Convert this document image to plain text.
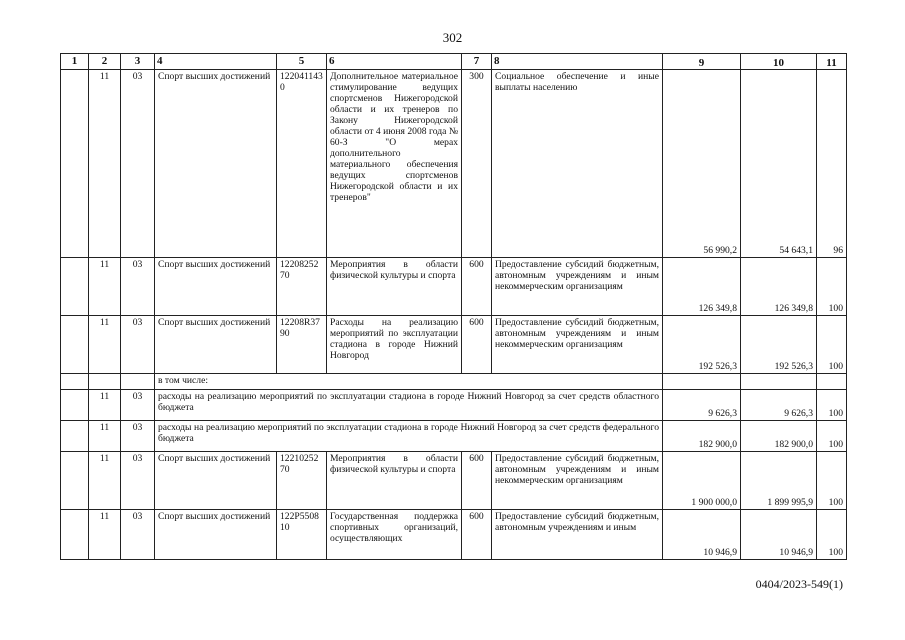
302
1	2	3	4	5	6	7	8	9	10	11
	11	03	Спорт высших достижений	1220411430	Дополнительное материальное стимулирование ведущих спортсменов Нижегородской области и их тренеров по Закону Нижегородской области от 4 июня 2008 года № 60-З "О мерах дополнительного материального обеспечения ведущих спортсменов Нижегородской области и их тренеров"	300	Социальное обеспечение и иные выплаты населению	56 990,2	54 643,1	96
	11	03	Спорт высших достижений	1220825270	Мероприятия в области физической культуры и спорта	600	Предоставление субсидий бюджетным, автономным учреждениям и иным некоммерческим организациям	126 349,8	126 349,8	100
	11	03	Спорт высших достижений	12208R3790	Расходы на реализацию мероприятий по эксплуатации стадиона в городе Нижний Новгород	600	Предоставление субсидий бюджетным, автономным учреждениям и иным некоммерческим организациям	192 526,3	192 526,3	100
			в том числе:							
	11	03	расходы на реализацию мероприятий по эксплуатации стадиона в городе Нижний Новгород за счет средств областного бюджета					9 626,3	9 626,3	100
	11	03	расходы на реализацию мероприятий по эксплуатации стадиона в городе Нижний Новгород за счет средств федерального бюджета					182 900,0	182 900,0	100
	11	03	Спорт высших достижений	1221025270	Мероприятия в области физической культуры и спорта	600	Предоставление субсидий бюджетным, автономным учреждениям и иным некоммерческим организациям	1 900 000,0	1 899 995,9	100
	11	03	Спорт высших достижений	122P550810	Государственная поддержка спортивных организаций, осуществляющих	600	Предоставление субсидий бюджетным, автономным учреждениям и иным	10 946,9	10 946,9	100
0404/2023-549(1)
